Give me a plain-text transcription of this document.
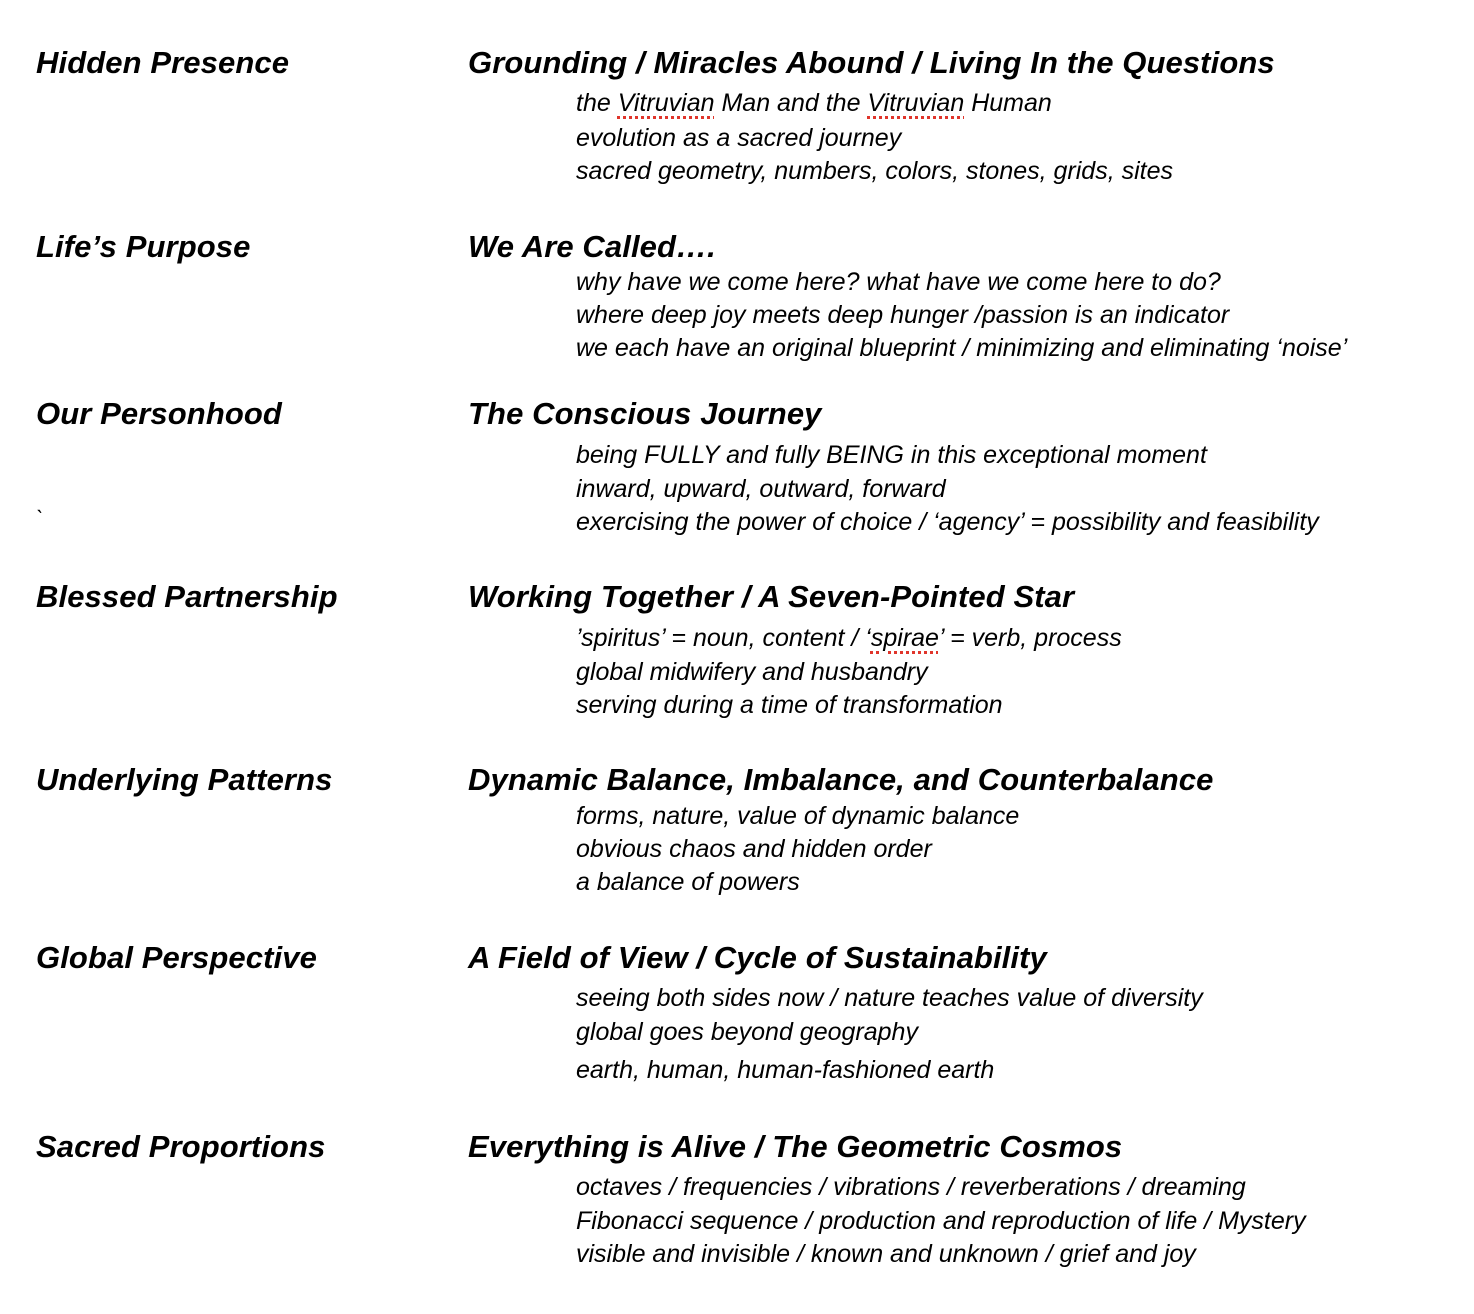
Hidden Presence	Grounding / Miracles Abound / Living In the Questions
the Vitruvian Man and the Vitruvian Human
evolution as a sacred journey
sacred geometry, numbers, colors, stones, grids, sites
Life’s Purpose	We Are Called….
why have we come here? what have we come here to do?
where deep joy meets deep hunger /passion is an indicator
we each have an original blueprint / minimizing and eliminating ‘noise’
Our Personhood	The Conscious Journey
being FULLY and fully BEING in this exceptional moment
inward, upward, outward, forward
exercising the power of choice / ‘agency’ = possibility and feasibility
`
Blessed Partnership	Working Together / A Seven-Pointed Star
’spiritus’ = noun, content / ‘spirae’ = verb, process
global midwifery and husbandry
serving during a time of transformation
Underlying Patterns	Dynamic Balance, Imbalance, and Counterbalance
forms, nature, value of dynamic balance
obvious chaos and hidden order
a balance of powers
Global Perspective	A Field of View / Cycle of Sustainability
seeing both sides now / nature teaches value of diversity
global goes beyond geography
earth, human, human-fashioned earth
Sacred Proportions	Everything is Alive / The Geometric Cosmos
octaves / frequencies / vibrations / reverberations / dreaming
Fibonacci sequence / production and reproduction of life / Mystery
visible and invisible / known and unknown / grief and joy
